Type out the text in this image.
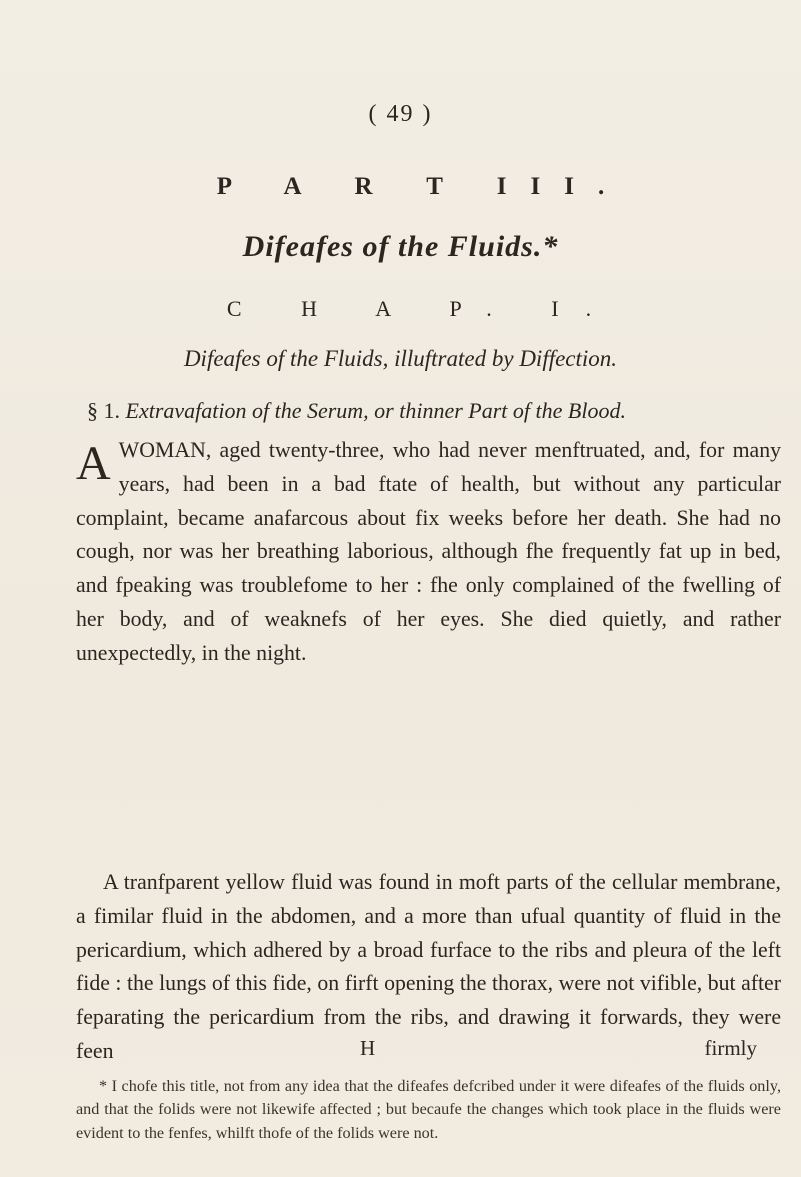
( 49 )
P A R T III.
Difeafes of the Fluids.*
C H A P. I.
Difeafes of the Fluids, illuftrated by Diffection.
§ 1. Extravafation of the Serum, or thinner Part of the Blood.
A WOMAN, aged twenty-three, who had never menftruated, and, for many years, had been in a bad ftate of health, but without any particular complaint, became anafarcous about fix weeks before her death. She had no cough, nor was her breathing laborious, although fhe frequently fat up in bed, and fpeaking was troublefome to her : fhe only complained of the fwelling of her body, and of weaknefs of her eyes. She died quietly, and rather unexpectedly, in the night.
A tranfparent yellow fluid was found in moft parts of the cellular membrane, a fimilar fluid in the abdomen, and a more than ufual quantity of fluid in the pericardium, which adhered by a broad furface to the ribs and pleura of the left fide : the lungs of this fide, on firft opening the thorax, were not vifible, but after feparating the pericardium from the ribs, and drawing it forwards, they were feen	H	firmly
* I chofe this title, not from any idea that the difeafes defcribed under it were difeafes of the fluids only, and that the folids were not likewife affected ; but becaufe the changes which took place in the fluids were evident to the fenfes, whilft thofe of the folids were not.
